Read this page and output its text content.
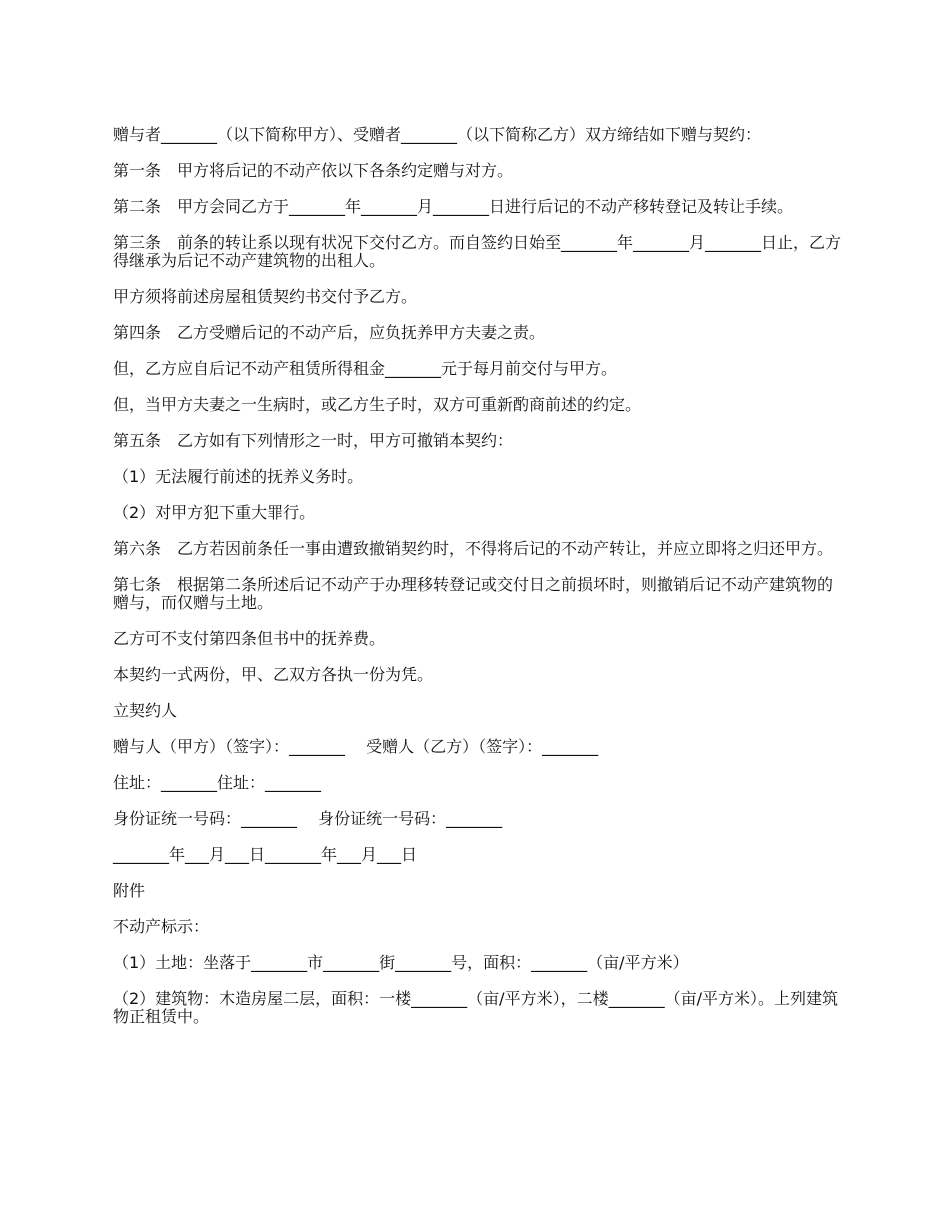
赠与者_______（以下简称甲方）、受赠者_______（以下简称乙方）双方缔结如下赠与契约：

第一条　甲方将后记的不动产依以下各条约定赠与对方。

第二条　甲方会同乙方于_______年_______月_______日进行后记的不动产移转登记及转让手续。

第三条　前条的转让系以现有状况下交付乙方。而自签约日始至_______年_______月_______日止，乙方得继承为后记不动产建筑物的出租人。

甲方须将前述房屋租赁契约书交付予乙方。

第四条　乙方受赠后记的不动产后，应负抚养甲方夫妻之责。

但，乙方应自后记不动产租赁所得租金_______元于每月前交付与甲方。

但，当甲方夫妻之一生病时，或乙方生子时，双方可重新酌商前述的约定。

第五条　乙方如有下列情形之一时，甲方可撤销本契约：

（1）无法履行前述的抚养义务时。

（2）对甲方犯下重大罪行。

第六条　乙方若因前条任一事由遭致撤销契约时，不得将后记的不动产转让，并应立即将之归还甲方。

第七条　根据第二条所述后记不动产于办理移转登记或交付日之前损坏时，则撤销后记不动产建筑物的赠与，而仅赠与土地。

乙方可不支付第四条但书中的抚养费。

本契约一式两份，甲、乙双方各执一份为凭。

立契约人

赠与人（甲方）（签字）：_______　 受赠人（乙方）（签字）：_______

住址：_______住址：_______

身份证统一号码：_______　 身份证统一号码：_______

_______年___月___日_______年___月___日

附件

不动产标示：

（1）土地：坐落于_______市_______街_______号，面积：_______（亩/平方米）

（2）建筑物：木造房屋二层，面积：一楼_______（亩/平方米），二楼_______（亩/平方米）。上列建筑物正租赁中。
